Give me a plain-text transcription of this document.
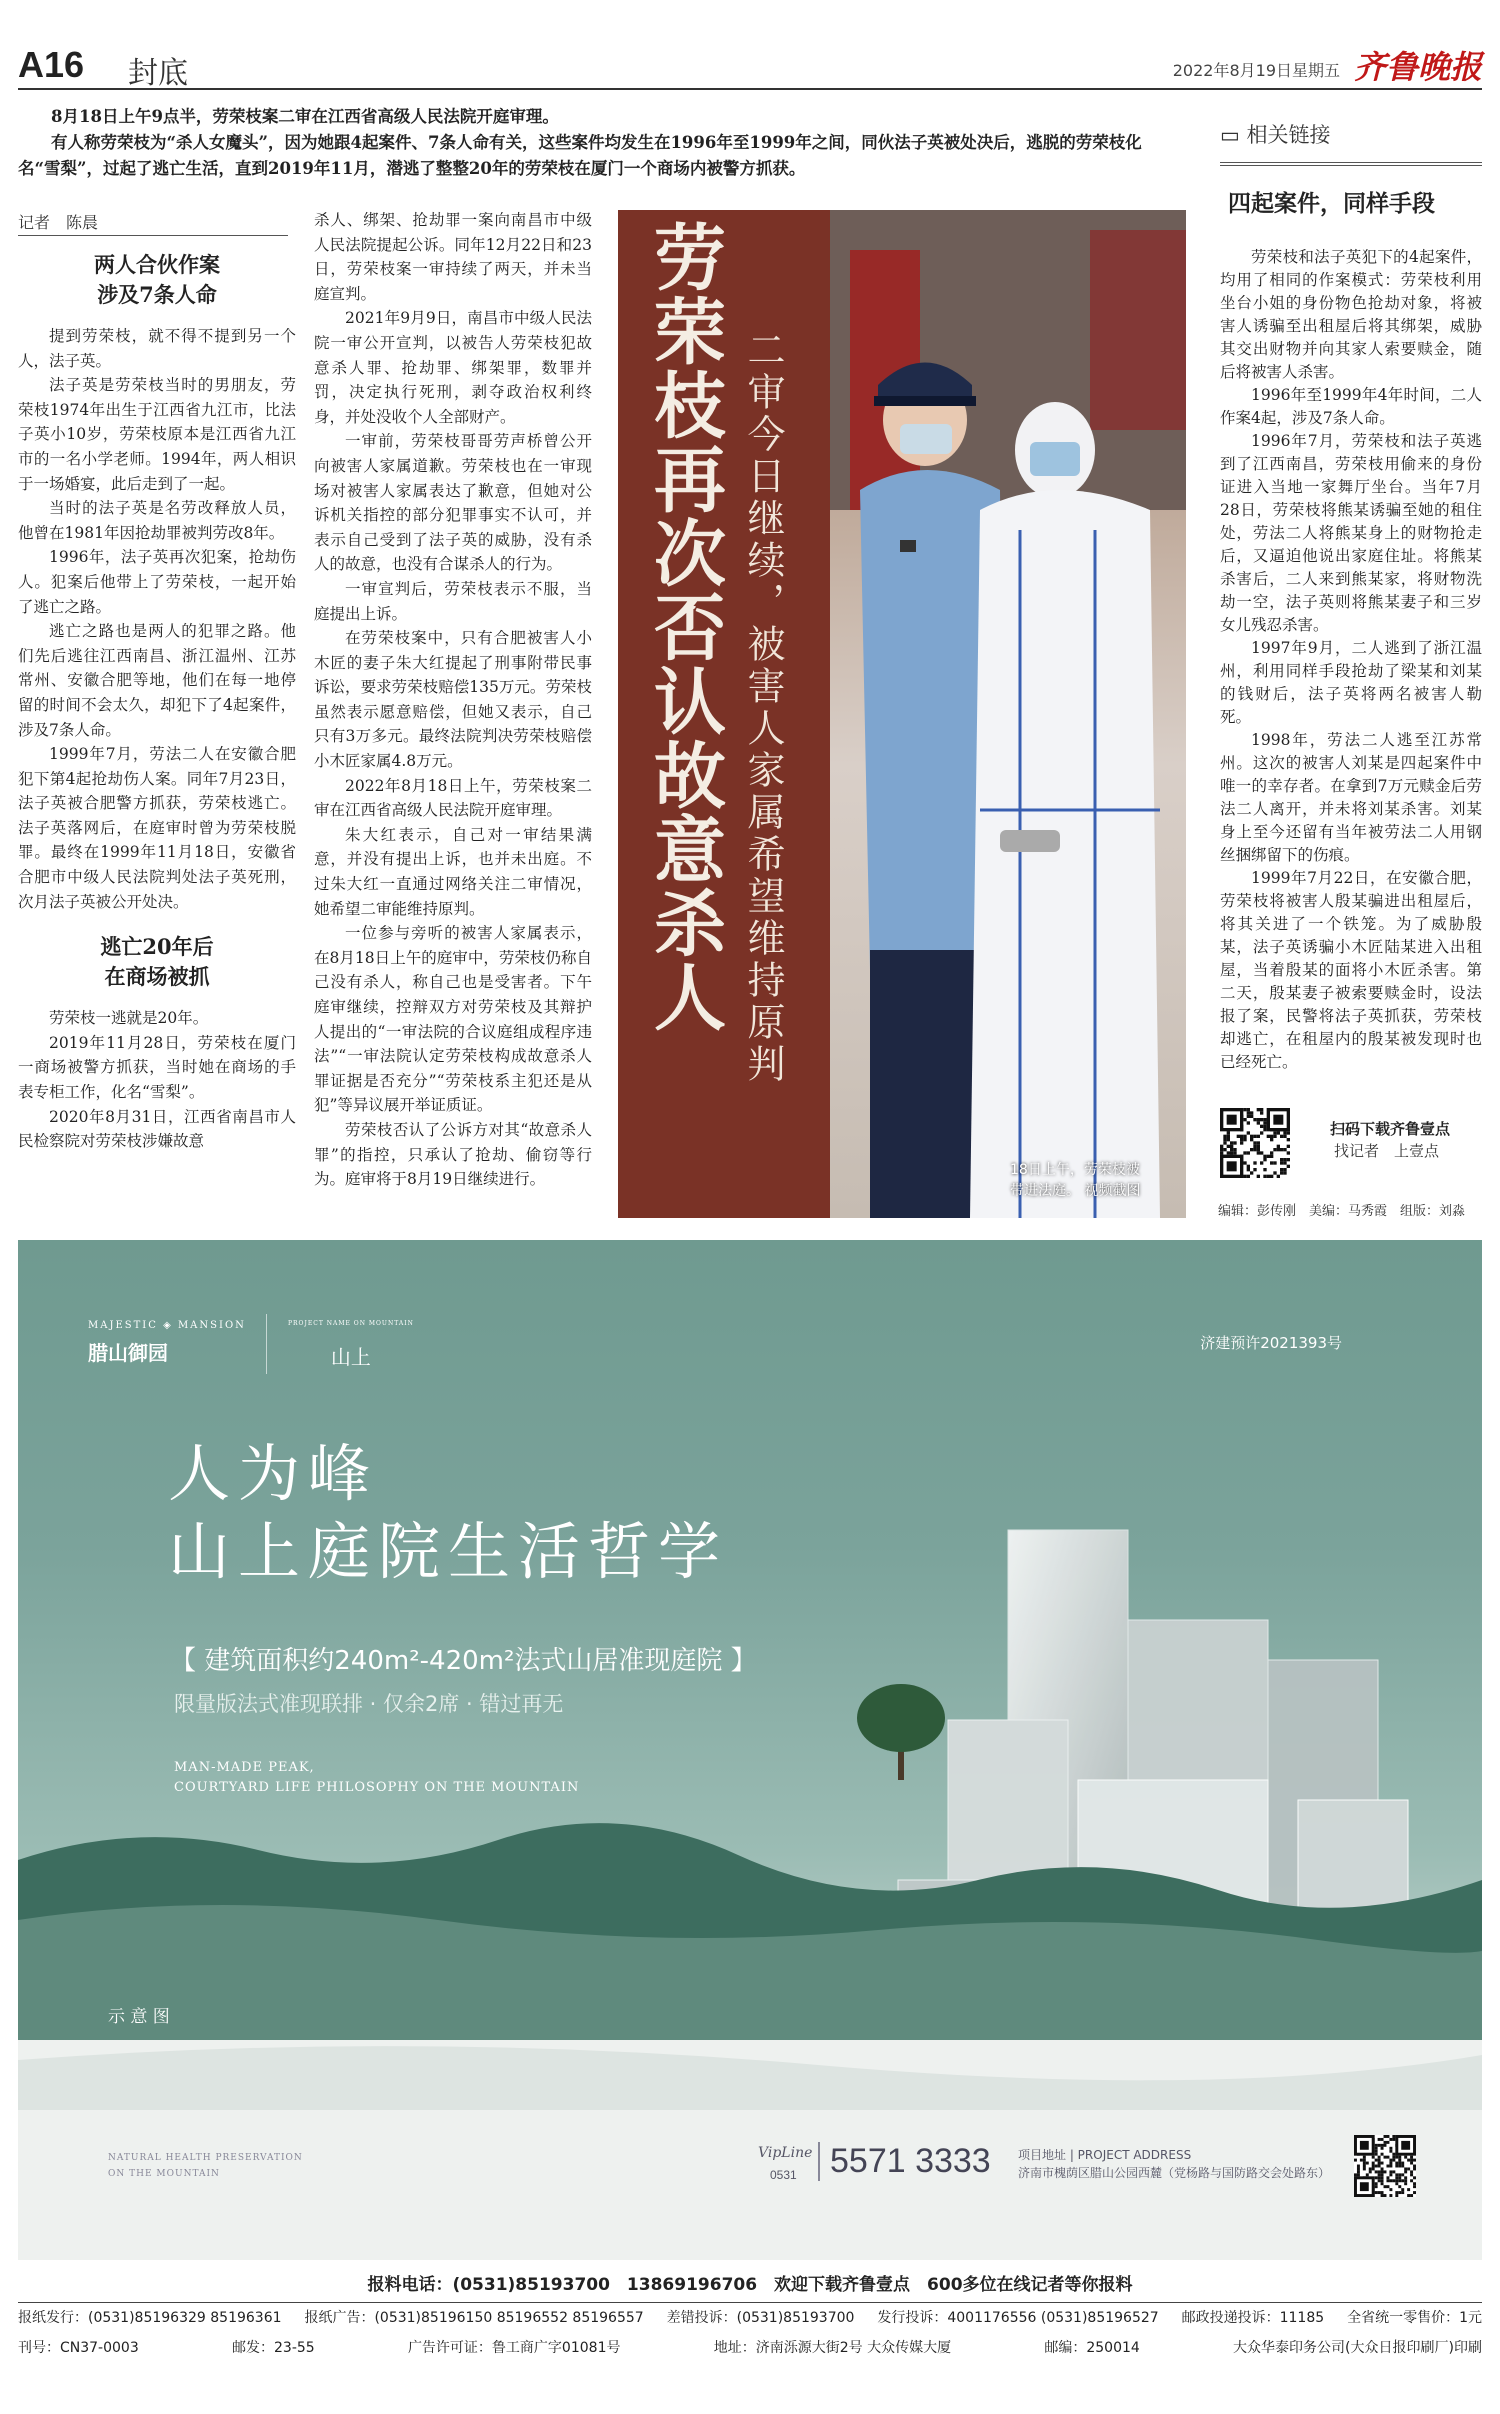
A16 封底	2022年8月19日 星期五 齐鲁晚报

8月18日上午9点半，劳荣枝案二审在江西省高级人民法院开庭审理。

有人称劳荣枝为“杀人女魔头”，因为她跟4起案件、7条人命有关，这些案件均发生在1996年至1999年之间，同伙法子英被处决后，逃脱的劳荣枝化名“雪梨”，过起了逃亡生活，直到2019年11月，潜逃了整整20年的劳荣枝在厦门一个商场内被警方抓获。

记者　陈晨
两人合伙作案
涉及7条人命

提到劳荣枝，就不得不提到另一个人，法子英。

法子英是劳荣枝当时的男朋友，劳荣枝1974年出生于江西省九江市，比法子英小10岁，劳荣枝原本是江西省九江市的一名小学老师。1994年，两人相识于一场婚宴，此后走到了一起。

当时的法子英是名劳改释放人员，他曾在1981年因抢劫罪被判劳改8年。

1996年，法子英再次犯案，抢劫伤人。犯案后他带上了劳荣枝，一起开始了逃亡之路。

逃亡之路也是两人的犯罪之路。他们先后逃往江西南昌、浙江温州、江苏常州、安徽合肥等地，他们在每一地停留的时间不会太久，却犯下了4起案件，涉及7条人命。

1999年7月，劳法二人在安徽合肥犯下第4起抢劫伤人案。同年7月23日，法子英被合肥警方抓获，劳荣枝逃亡。法子英落网后，在庭审时曾为劳荣枝脱罪。最终在1999年11月18日，安徽省合肥市中级人民法院判处法子英死刑，次月法子英被公开处决。

逃亡20年后
在商场被抓

劳荣枝一逃就是20年。

2019年11月28日，劳荣枝在厦门一商场被警方抓获，当时她在商场的手表专柜工作，化名“雪梨”。

2020年8月31日，江西省南昌市人民检察院对劳荣枝涉嫌故意

杀人、绑架、抢劫罪一案向南昌市中级人民法院提起公诉。同年12月22日和23日，劳荣枝案一审持续了两天，并未当庭宣判。

2021年9月9日，南昌市中级人民法院一审公开宣判，以被告人劳荣枝犯故意杀人罪、抢劫罪、绑架罪，数罪并罚，决定执行死刑，剥夺政治权利终身，并处没收个人全部财产。

一审前，劳荣枝哥哥劳声桥曾公开向被害人家属道歉。劳荣枝也在一审现场对被害人家属表达了歉意，但她对公诉机关指控的部分犯罪事实不认可，并表示自己受到了法子英的威胁，没有杀人的故意，也没有合谋杀人的行为。

一审宣判后，劳荣枝表示不服，当庭提出上诉。

在劳荣枝案中，只有合肥被害人小木匠的妻子朱大红提起了刑事附带民事诉讼，要求劳荣枝赔偿135万元。劳荣枝虽然表示愿意赔偿，但她又表示，自己只有3万多元。最终法院判决劳荣枝赔偿小木匠家属4.8万元。

2022年8月18日上午，劳荣枝案二审在江西省高级人民法院开庭审理。

朱大红表示，自己对一审结果满意，并没有提出上诉，也并未出庭。不过朱大红一直通过网络关注二审情况，她希望二审能维持原判。

一位参与旁听的被害人家属表示，在8月18日上午的庭审中，劳荣枝仍称自己没有杀人，称自己也是受害者。下午庭审继续，控辩双方对劳荣枝及其辩护人提出的“一审法院的合议庭组成程序违法”“一审法院认定劳荣枝构成故意杀人罪证据是否充分”“劳荣枝系主犯还是从犯”等异议展开举证质证。

劳荣枝否认了公诉方对其“故意杀人罪”的指控，只承认了抢劫、偷窃等行为。庭审将于8月19日继续进行。

劳荣枝再次否认故意杀人 二审今日继续，被害人家属希望维持原判
18日上午，劳荣枝被
带进法庭。 视频截图
▭ 相关链接
四起案件，同样手段

劳荣枝和法子英犯下的4起案件，均用了相同的作案模式：劳荣枝利用坐台小姐的身份物色抢劫对象，将被害人诱骗至出租屋后将其绑架，威胁其交出财物并向其家人索要赎金，随后将被害人杀害。

1996年至1999年4年时间，二人作案4起，涉及7条人命。

1996年7月，劳荣枝和法子英逃到了江西南昌，劳荣枝用偷来的身份证进入当地一家舞厅坐台。当年7月28日，劳荣枝将熊某诱骗至她的租住处，劳法二人将熊某身上的财物抢走后，又逼迫他说出家庭住址。将熊某杀害后，二人来到熊某家，将财物洗劫一空，法子英则将熊某妻子和三岁女儿残忍杀害。

1997年9月，二人逃到了浙江温州，利用同样手段抢劫了梁某和刘某的钱财后，法子英将两名被害人勒死。

1998年，劳法二人逃至江苏常州。这次的被害人刘某是四起案件中唯一的幸存者。在拿到7万元赎金后劳法二人离开，并未将刘某杀害。刘某身上至今还留有当年被劳法二人用钢丝捆绑留下的伤痕。

1999年7月22日，在安徽合肥，劳荣枝将被害人殷某骗进出租屋后，将其关进了一个铁笼。为了威胁殷某，法子英诱骗小木匠陆某进入出租屋，当着殷某的面将小木匠杀害。第二天，殷某妻子被索要赎金时，设法报了案，民警将法子英抓获，劳荣枝却逃亡，在租屋内的殷某被发现时也已经死亡。

扫码下载齐鲁壹点
找记者　上壹点
编辑：彭传刚　美编：马秀霞　组版：刘淼
MAJESTIC ◈ MANSION
腊山御园
PROJECT NAME ON MOUNTAIN
山上
济建预许2021393号
人为峰
山上庭院生活哲学
【 建筑面积约240m²-420m²法式山居准现庭院 】
限量版法式准现联排 · 仅余2席 · 错过再无
MAN-MADE PEAK,
COURTYARD LIFE PHILOSOPHY ON THE MOUNTAIN
示 意 图
NATURAL HEALTH PRESERVATION
ON THE MOUNTAIN
VipLine
0531 5571 3333 项目地址 | PROJECT ADDRESS
济南市槐荫区腊山公园西麓（党杨路与国防路交会处路东）
报料电话：(0531)85193700　13869196706　欢迎下载齐鲁壹点　600多位在线记者等你报料
报纸发行：(0531)85196329 85196361 报纸广告：(0531)85196150 85196552 85196557 差错投诉：(0531)85193700 发行投诉：4001176556 (0531)85196527 邮政投递投诉：11185 全省统一零售价：1元
刊号：CN37-0003	邮发：23-55	广告许可证：鲁工商广字01081号	地址：济南泺源大街2号 大众传媒大厦	邮编：250014	大众华泰印务公司(大众日报印刷厂)印刷
